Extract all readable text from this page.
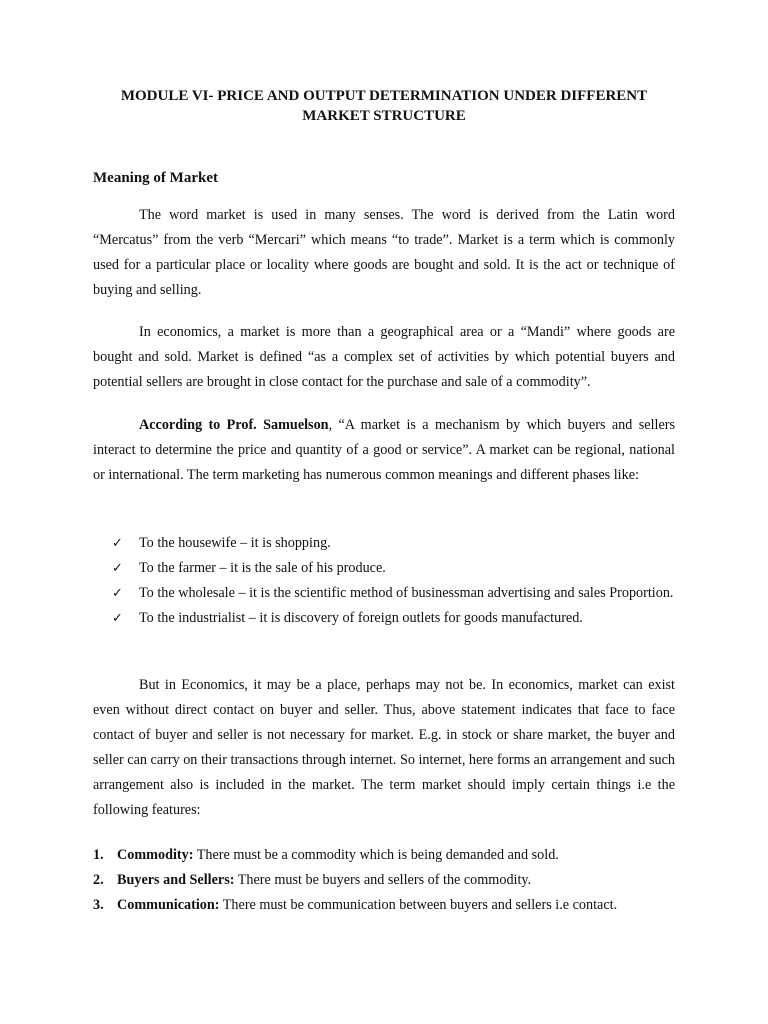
MODULE VI- PRICE AND OUTPUT DETERMINATION UNDER DIFFERENT
MARKET STRUCTURE
Meaning of Market
The word market is used in many senses. The word is derived from the Latin word “Mercatus” from the verb “Mercari” which means “to trade”. Market is a term which is commonly used for a particular place or locality where goods are bought and sold. It is the act or technique of buying and selling.
In economics, a market is more than a geographical area or a “Mandi” where goods are bought and sold. Market is defined “as a complex set of activities by which potential buyers and potential sellers are brought in close contact for the purchase and sale of a commodity”.
According to Prof. Samuelson, “A market is a mechanism by which buyers and sellers interact to determine the price and quantity of a good or service”. A market can be regional, national or international. The term marketing has numerous common meanings and different phases like:
✓ To the housewife – it is shopping.
✓ To the farmer – it is the sale of his produce.
✓ To the wholesale – it is the scientific method of businessman advertising and sales Proportion.
✓ To the industrialist – it is discovery of foreign outlets for goods manufactured.
But in Economics, it may be a place, perhaps may not be. In economics, market can exist even without direct contact on buyer and seller. Thus, above statement indicates that face to face contact of buyer and seller is not necessary for market. E.g. in stock or share market, the buyer and seller can carry on their transactions through internet. So internet, here forms an arrangement and such arrangement also is included in the market. The term market should imply certain things i.e the following features:
1. Commodity: There must be a commodity which is being demanded and sold.
2. Buyers and Sellers: There must be buyers and sellers of the commodity.
3. Communication: There must be communication between buyers and sellers i.e contact.
